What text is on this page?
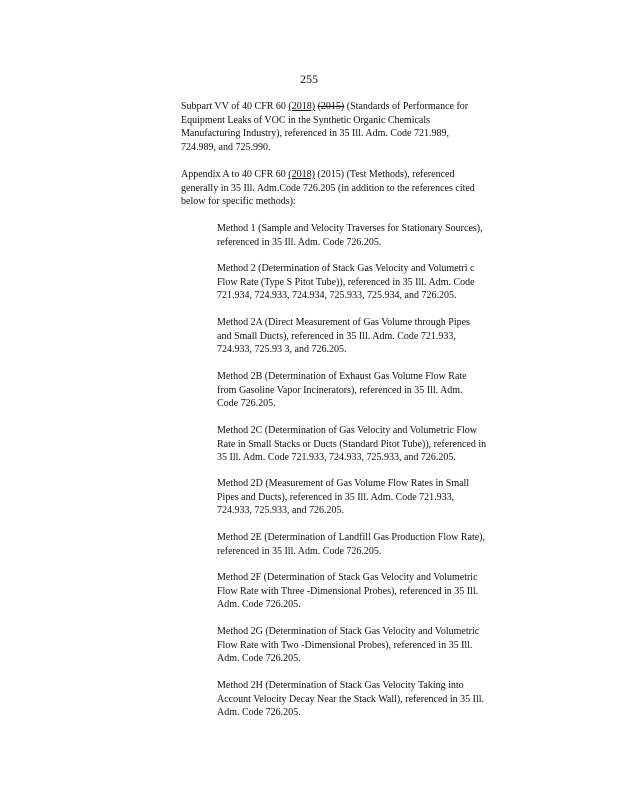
255

Subpart VV of 40 CFR 60 (2018) (2015) (Standards of Performance for
Equipment Leaks of VOC in the Synthetic Organic Chemicals
Manufacturing Industry), referenced in 35 Ill. Adm. Code 721.989,
724.989, and 725.990.

Appendix A to 40 CFR 60 (2018) (2015) (Test Methods), referenced
generally in 35 Ill. Adm.Code 726.205 (in addition to the references cited
below for specific methods):

Method 1 (Sample and Velocity Traverses for Stationary Sources),
referenced in 35 Ill. Adm. Code 726.205.

Method 2 (Determination of Stack Gas Velocity and Volumetri c
Flow Rate (Type S Pitot Tube)), referenced in 35 Ill. Adm. Code
721.934, 724.933, 724.934, 725.933, 725.934, and 726.205.

Method 2A (Direct Measurement of Gas Volume through Pipes
and Small Ducts), referenced in 35 Ill. Adm. Code 721.933,
724.933, 725.93 3, and 726.205.

Method 2B (Determination of Exhaust Gas Volume Flow Rate
from Gasoline Vapor Incinerators), referenced in 35 Ill. Adm.
Code 726.205.

Method 2C (Determination of Gas Velocity and Volumetric Flow
Rate in Small Stacks or Ducts (Standard Pitot Tube)), referenced in
35 Ill. Adm. Code 721.933, 724.933, 725.933, and 726.205.

Method 2D (Measurement of Gas Volume Flow Rates in Small
Pipes and Ducts), referenced in 35 Ill. Adm. Code 721.933,
724.933, 725.933, and 726.205.

Method 2E (Determination of Landfill Gas Production Flow Rate),
referenced in 35 Ill. Adm. Code 726.205.

Method 2F (Determination of Stack Gas Velocity and Volumetric
Flow Rate with Three -Dimensional Probes), referenced in 35 Ill.
Adm. Code 726.205.

Method 2G (Determination of Stack Gas Velocity and Volumetric
Flow Rate with Two -Dimensional Probes), referenced in 35 Ill.
Adm. Code 726.205.

Method 2H (Determination of Stack Gas Velocity Taking into
Account Velocity Decay Near the Stack Wall), referenced in 35 Ill.
Adm. Code 726.205.
